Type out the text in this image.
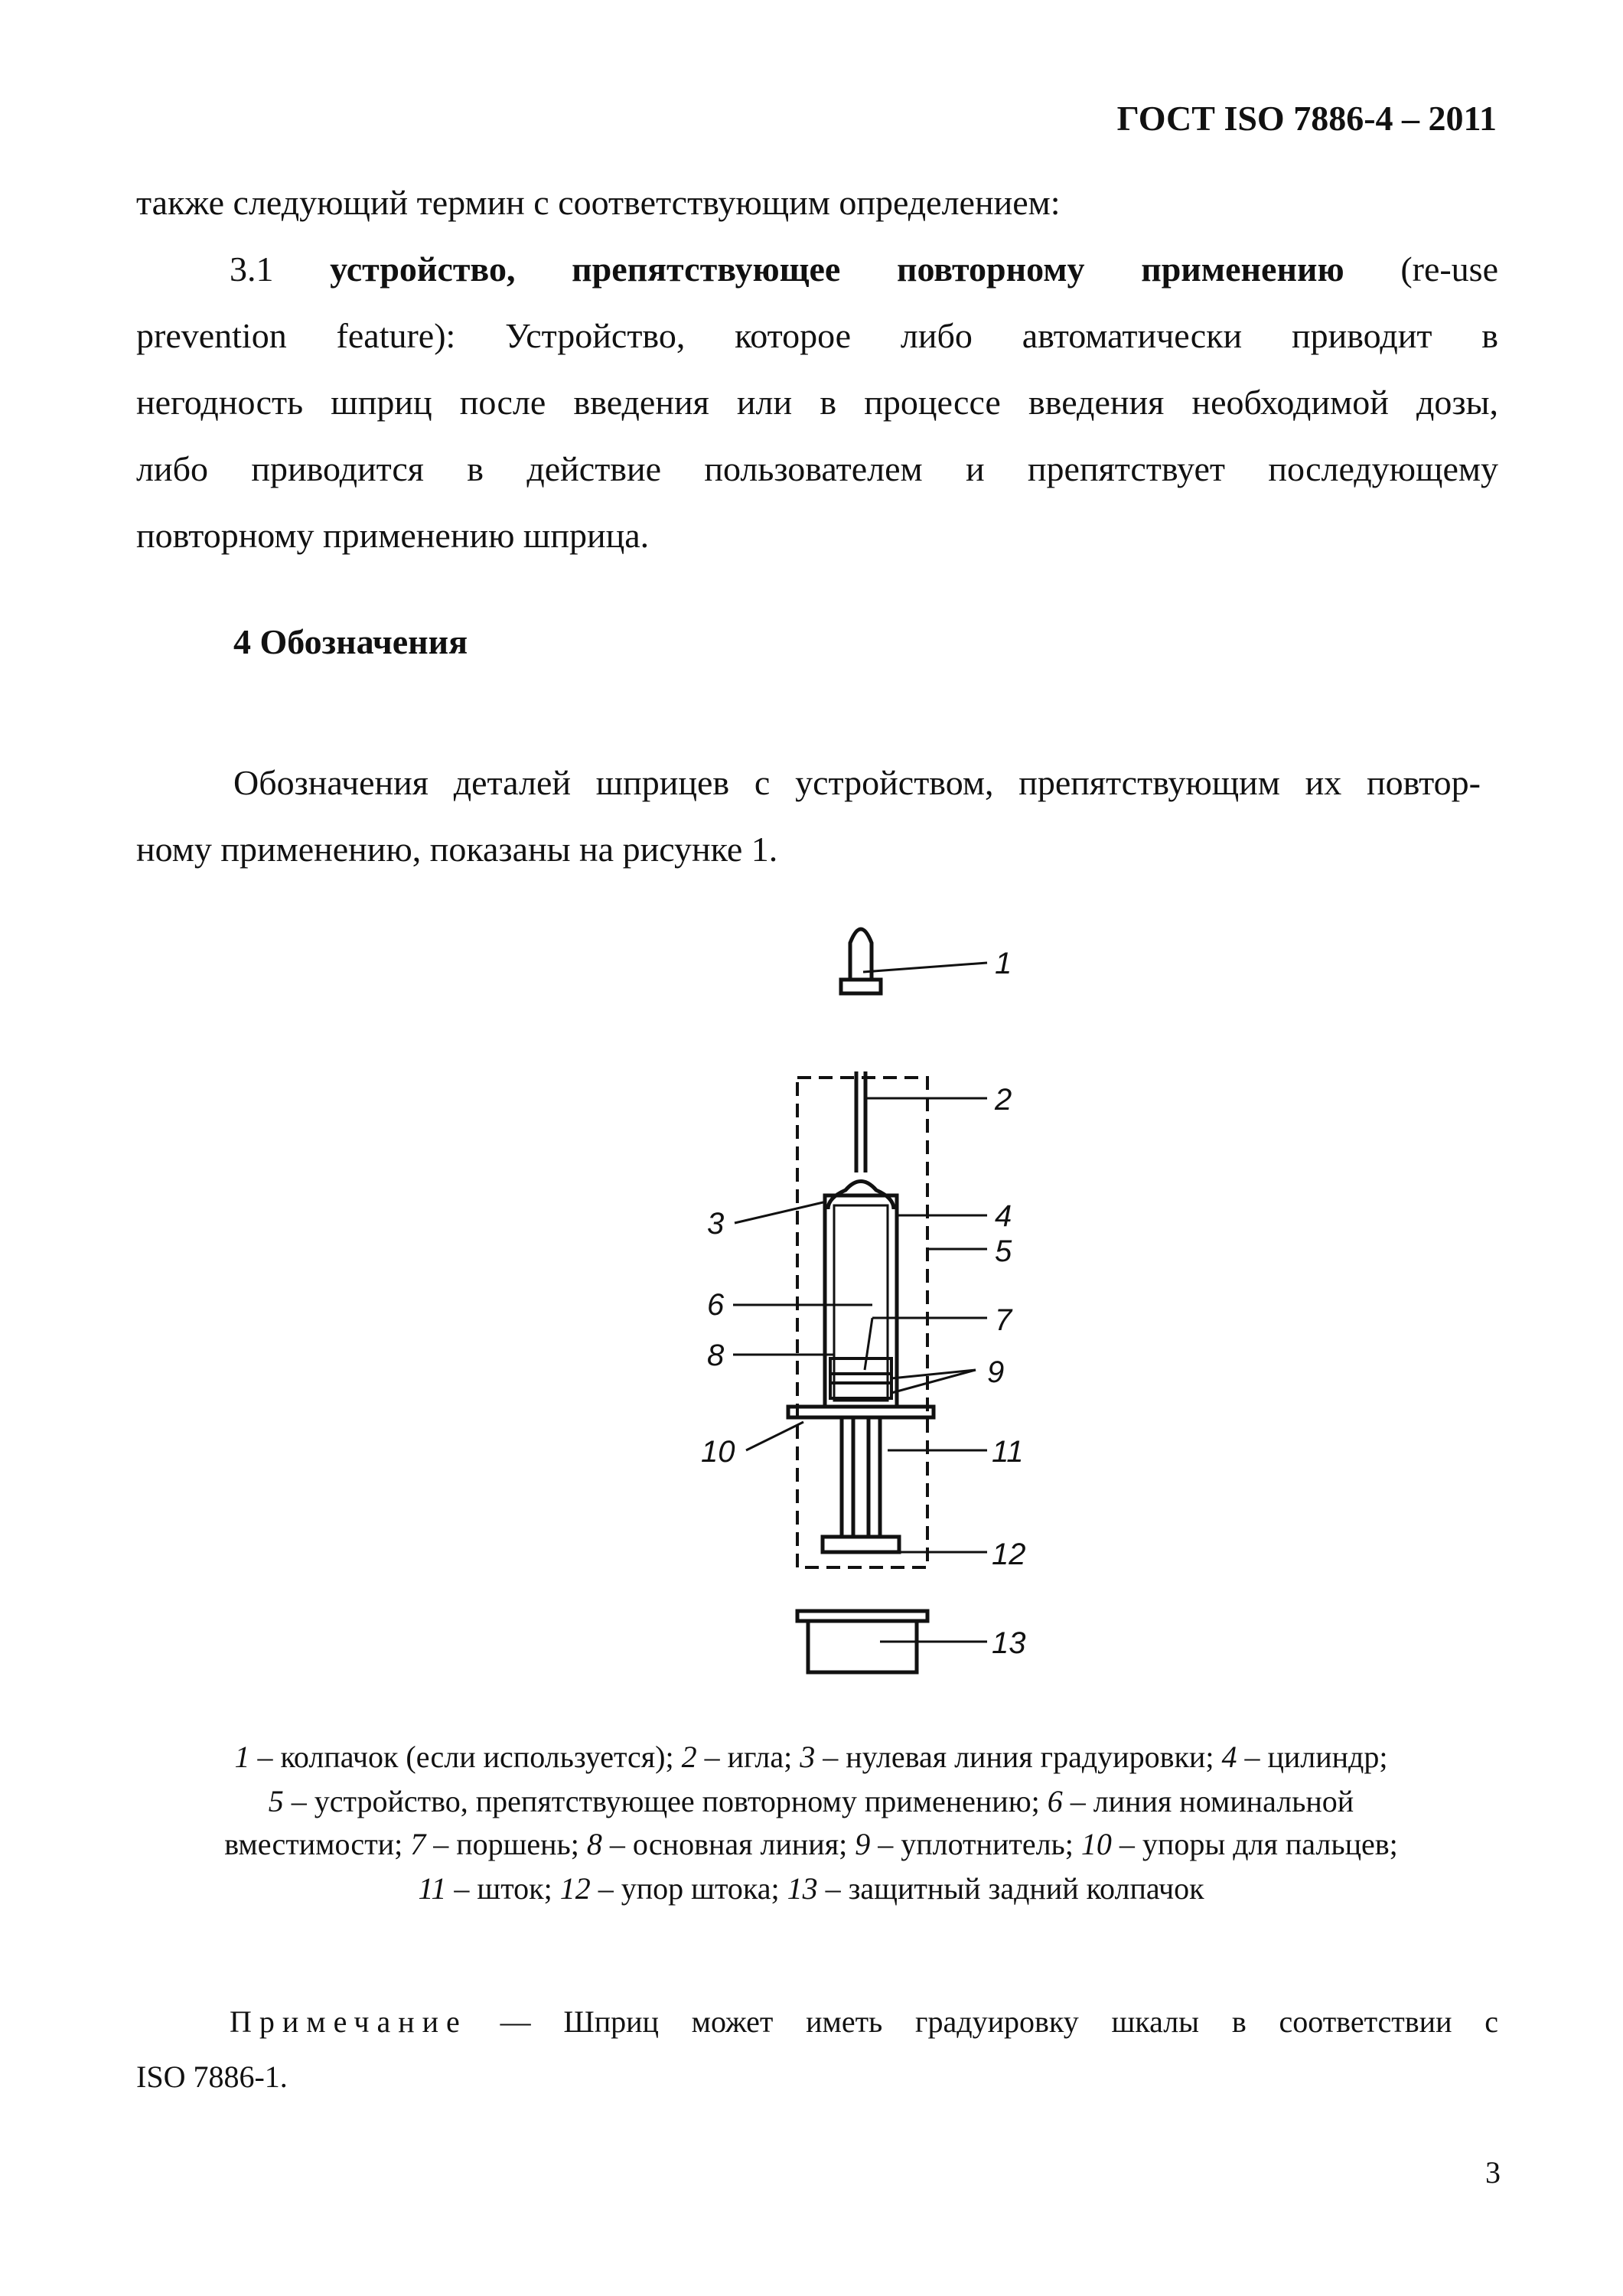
ГОСТ ISO 7886-4 – 2011
также следующий термин с соответствующим определением:
3.1 устройство, препятствующее повторному применению (re-use
prevention feature): Устройство, которое либо автоматически приводит в
негодность шприц после введения или в процессе введения необходимой дозы,
либо приводится в действие пользователем и препятствует последующему
повторному применению шприца.
4 Обозначения
Обозначения деталей шприцев с устройством, препятствующим их повтор-
ному применению, показаны на рисунке 1.
1
2
3	4
5
6	7
8	9
10	11
12
13
1 – колпачок (если используется); 2 – игла; 3 – нулевая линия градуировки; 4 – цилиндр;
5 – устройство, препятствующее повторному применению; 6 – линия номинальной
вместимости; 7 – поршень; 8 – основная линия; 9 – уплотнитель; 10 – упоры для пальцев;
11 – шток; 12 – упор штока; 13 – защитный задний колпачок
Примечание — Шприц может иметь градуировку шкалы в соответствии с
ISO 7886-1.
3
